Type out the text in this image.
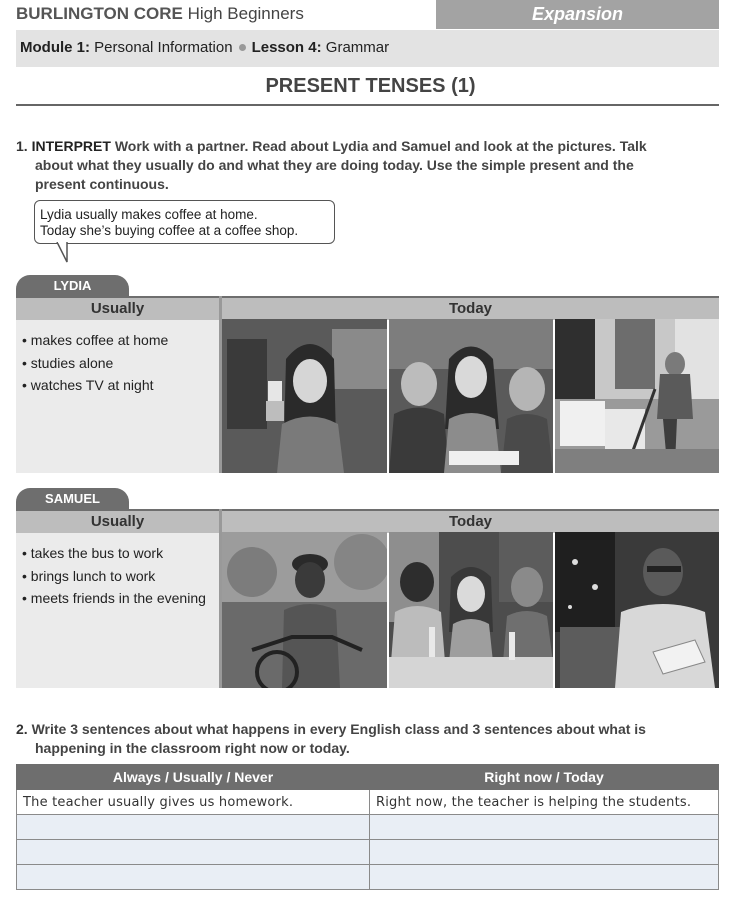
BURLINGTON CORE High Beginners	Expansion
Module 1: Personal Information Lesson 4: Grammar
PRESENT TENSES (1)
1. INTERPRET Work with a partner. Read about Lydia and Samuel and look at the pictures. Talk
about what they usually do and what they are doing today. Use the simple present and the
present continuous.
Lydia usually makes coffee at home.
Today she’s buying coffee at a coffee shop.
LYDIA
Usually	Today
• makes coffee at home
• studies alone
• watches TV at night
SAMUEL
Usually	Today
• takes the bus to work
• brings lunch to work
• meets friends in the evening
2. Write 3 sentences about what happens in every English class and 3 sentences about what is
happening in the classroom right now or today.
Always / Usually / Never	Right now / Today
The teacher usually gives us homework.	Right now, the teacher is helping the students.
